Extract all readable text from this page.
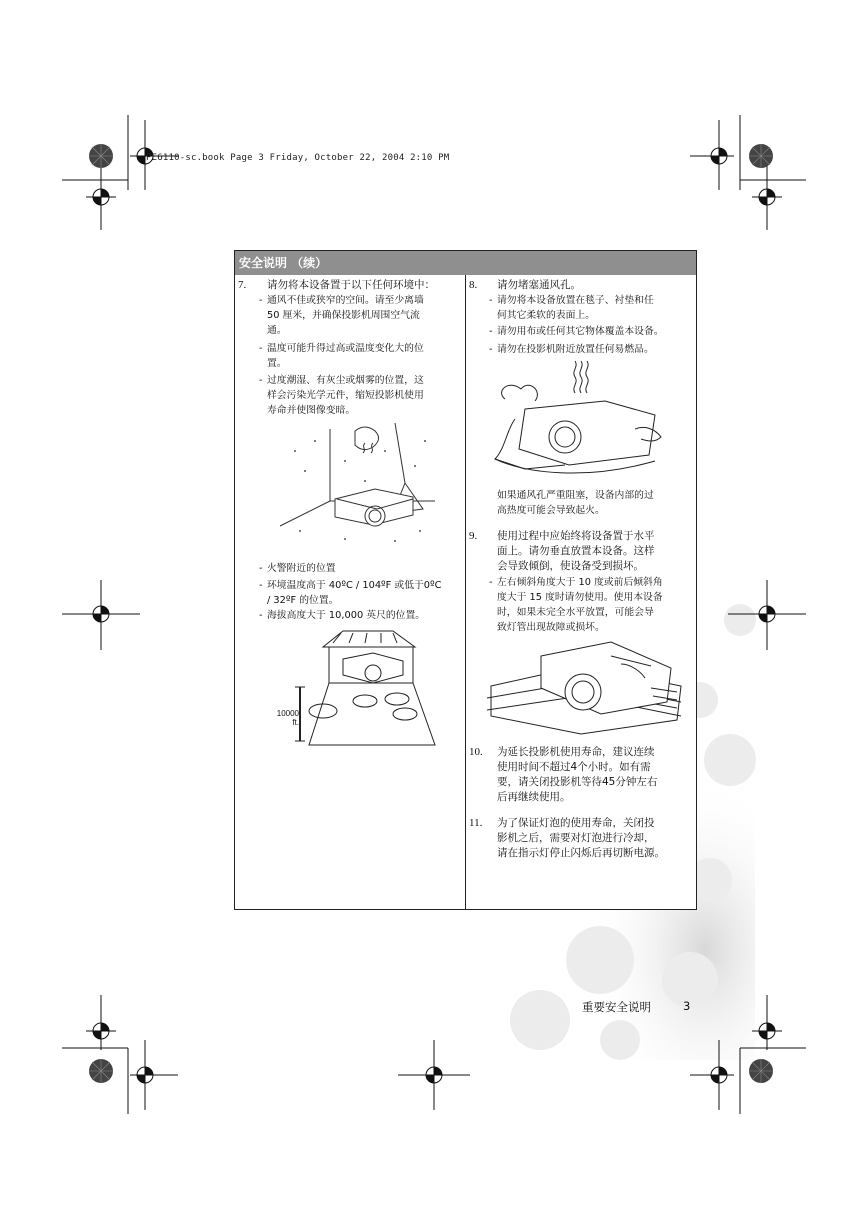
PE6110-sc.book Page 3 Friday, October 22, 2004 2:10 PM
安全说明 （续）
7. 请勿将本设备置于以下任何环境中：
- 通风不佳或狭窄的空间。请至少离墙
50 厘米，并确保投影机周围空气流
通。
- 温度可能升得过高或温度变化大的位
置。
- 过度潮湿、有灰尘或烟雾的位置，这
样会污染光学元件，缩短投影机使用
寿命并使图像变暗。
- 火警附近的位置
- 环境温度高于 40ºC / 104ºF 或低于0ºC
/ 32ºF 的位置。
- 海拔高度大于 10,000 英尺的位置。
10000
ft.
8. 请勿堵塞通风孔。
- 请勿将本设备放置在毯子、衬垫和任
何其它柔软的表面上。
- 请勿用布或任何其它物体覆盖本设备。
- 请勿在投影机附近放置任何易燃品。
如果通风孔严重阻塞，设备内部的过
高热度可能会导致起火。
9. 使用过程中应始终将设备置于水平
面上。请勿垂直放置本设备。这样
会导致倾倒，使设备受到损坏。
- 左右倾斜角度大于 10 度或前后倾斜角
度大于 15 度时请勿使用。使用本设备
时，如果未完全水平放置，可能会导
致灯管出现故障或损坏。
10. 为延长投影机使用寿命，建议连续
使用时间不超过4个小时。如有需
要，请关闭投影机等待45分钟左右
后再继续使用。
11. 为了保证灯泡的使用寿命，关闭投
影机之后，需要对灯泡进行冷却，
请在指示灯停止闪烁后再切断电源。
重要安全说明	3
